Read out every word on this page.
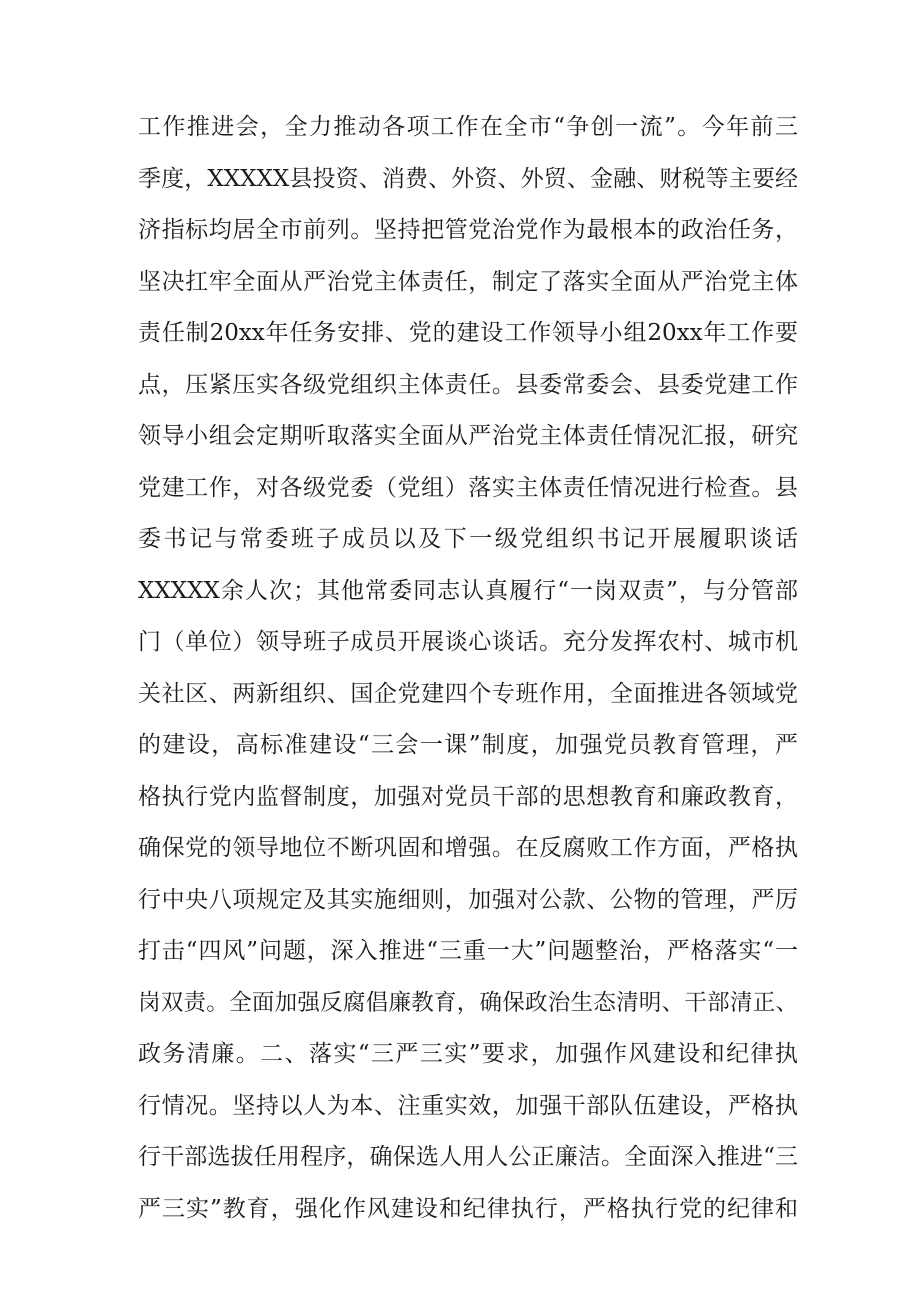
工作推进会，全力推动各项工作在全市“争创一流”。今年前三
季度，XXXXX县投资、消费、外资、外贸、金融、财税等主要经
济指标均居全市前列。坚持把管党治党作为最根本的政治任务，
坚决扛牢全面从严治党主体责任，制定了落实全面从严治党主体
责任制20xx年任务安排、党的建设工作领导小组20xx年工作要
点，压紧压实各级党组织主体责任。县委常委会、县委党建工作
领导小组会定期听取落实全面从严治党主体责任情况汇报，研究
党建工作，对各级党委（党组）落实主体责任情况进行检查。县
委书记与常委班子成员以及下一级党组织书记开展履职谈话
XXXXX余人次；其他常委同志认真履行“一岗双责”，与分管部
门（单位）领导班子成员开展谈心谈话。充分发挥农村、城市机
关社区、两新组织、国企党建四个专班作用，全面推进各领域党
的建设，高标准建设“三会一课”制度，加强党员教育管理，严
格执行党内监督制度，加强对党员干部的思想教育和廉政教育，
确保党的领导地位不断巩固和增强。在反腐败工作方面，严格执
行中央八项规定及其实施细则，加强对公款、公物的管理，严厉
打击“四风”问题，深入推进“三重一大”问题整治，严格落实“一
岗双责。全面加强反腐倡廉教育，确保政治生态清明、干部清正、
政务清廉。二、落实“三严三实”要求，加强作风建设和纪律执
行情况。坚持以人为本、注重实效，加强干部队伍建设，严格执
行干部选拔任用程序，确保选人用人公正廉洁。全面深入推进“三
严三实”教育，强化作风建设和纪律执行，严格执行党的纪律和
